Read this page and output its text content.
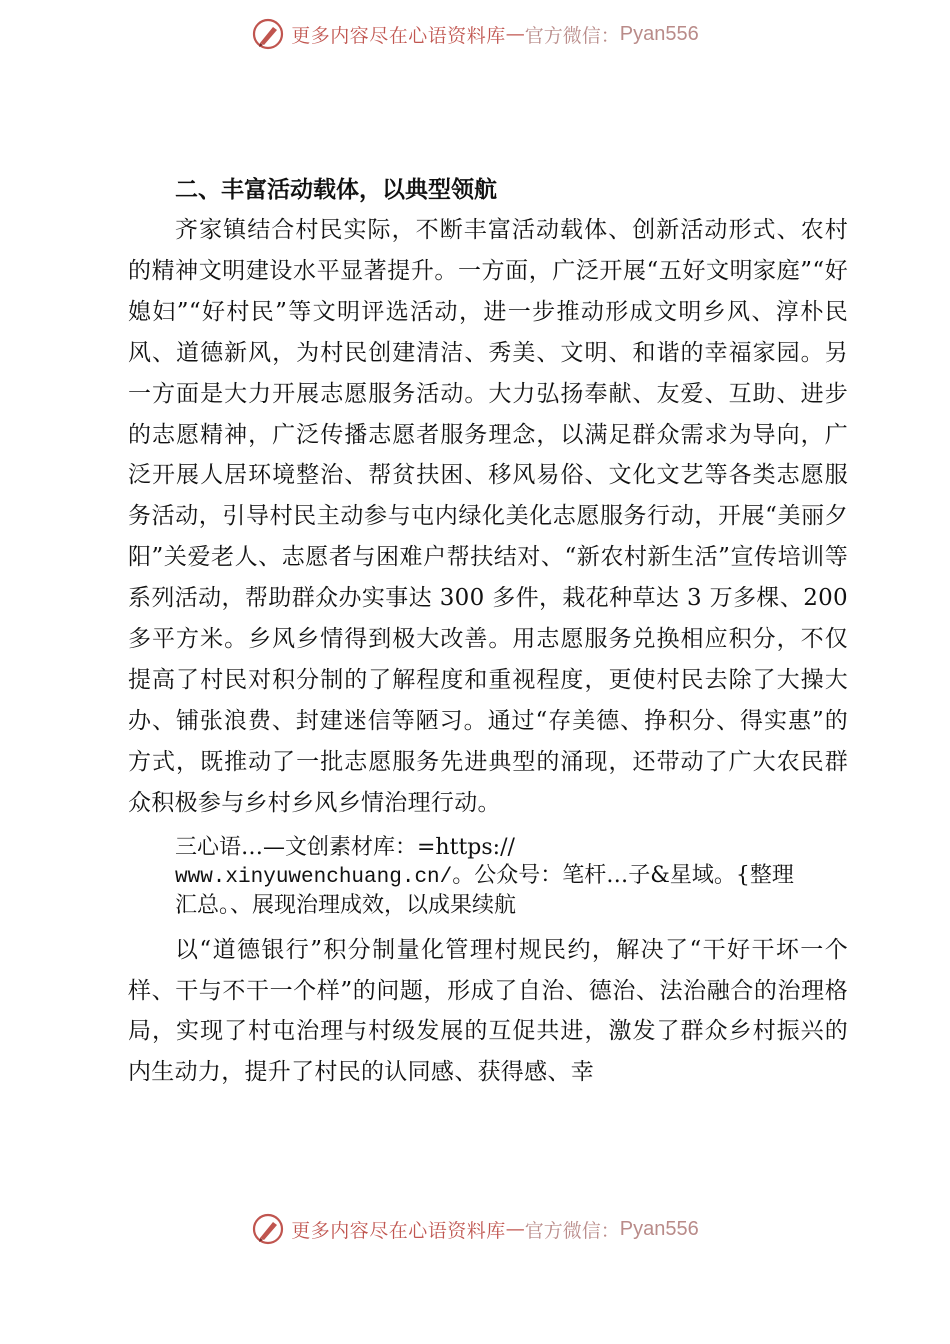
更多内容尽在心语资料库 — 官方微信： Pyan556
二、丰富活动载体，以典型领航

齐家镇结合村民实际，不断丰富活动载体、创新活动形式、农村的精神文明建设水平显著提升。一方面，广泛开展“五好文明家庭”“好媳妇”“好村民”等文明评选活动，进一步推动形成文明乡风、淳朴民风、道德新风，为村民创建清洁、秀美、文明、和谐的幸福家园。另一方面是大力开展志愿服务活动。大力弘扬奉献、友爱、互助、进步的志愿精神，广泛传播志愿者服务理念，以满足群众需求为导向，广泛开展人居环境整治、帮贫扶困、移风易俗、文化文艺等各类志愿服务活动，引导村民主动参与屯内绿化美化志愿服务行动，开展“美丽夕阳”关爱老人、志愿者与困难户帮扶结对、“新农村新生活”宣传培训等系列活动，帮助群众办实事达 300 多件，栽花种草达 3 万多棵、200 多平方米。乡风乡情得到极大改善。用志愿服务兑换相应积分，不仅提高了村民对积分制的了解程度和重视程度，更使村民去除了大操大办、铺张浪费、封建迷信等陋习。通过“存美德、挣积分、得实惠”的方式，既推动了一批志愿服务先进典型的涌现，还带动了广大农民群众积极参与乡村乡风乡情治理行动。

三心语…—文创素材库：=https://
www.xinyuwenchuang.cn/。公众号：笔杆…子&星域。{整理
汇总。、展现治理成效，以成果续航

以“道德银行”积分制量化管理村规民约，解决了“干好干坏一个样、干与不干一个样”的问题，形成了自治、德治、法治融合的治理格局，实现了村屯治理与村级发展的互促共进，激发了群众乡村振兴的内生动力，提升了村民的认同感、获得感、幸

更多内容尽在心语资料库 — 官方微信： Pyan556
